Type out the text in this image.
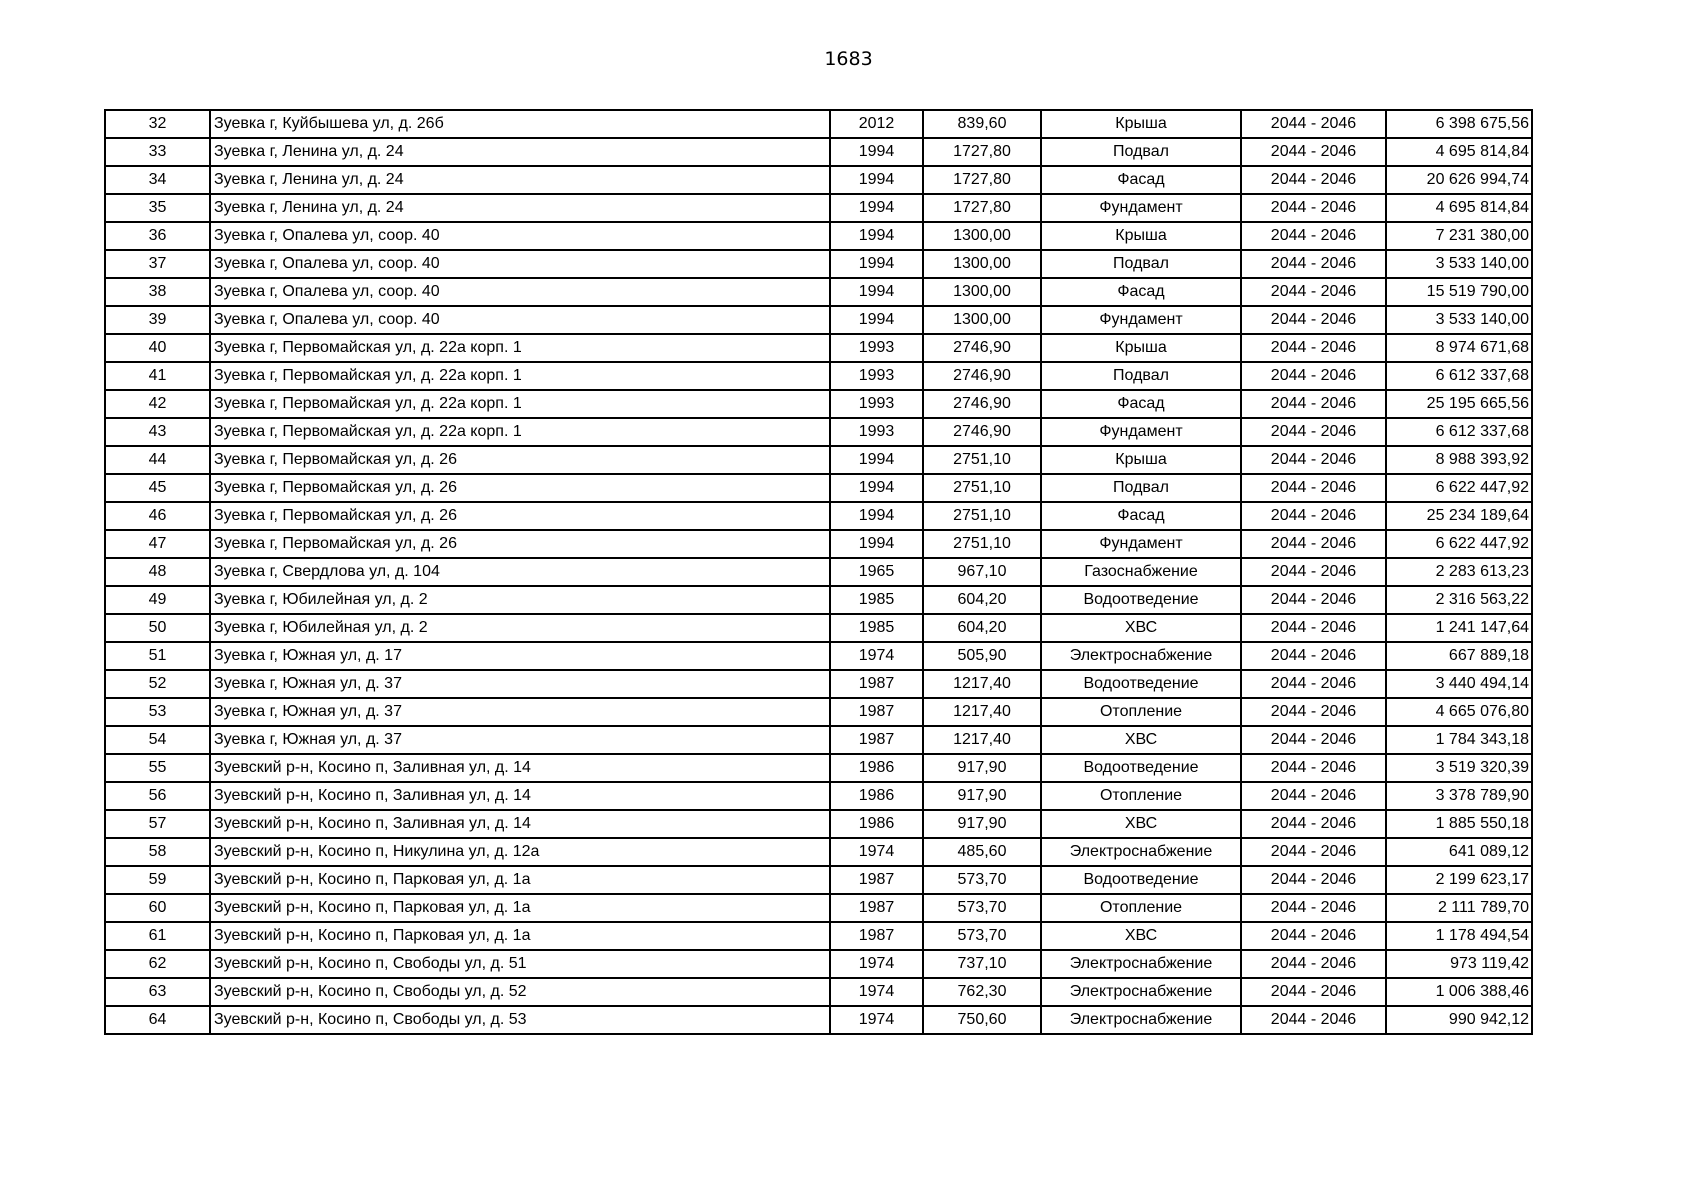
1683
32	Зуевка г, Куйбышева ул, д. 26б	2012	839,60	Крыша	2044 - 2046	6 398 675,56
33	Зуевка г, Ленина ул, д. 24	1994	1727,80	Подвал	2044 - 2046	4 695 814,84
34	Зуевка г, Ленина ул, д. 24	1994	1727,80	Фасад	2044 - 2046	20 626 994,74
35	Зуевка г, Ленина ул, д. 24	1994	1727,80	Фундамент	2044 - 2046	4 695 814,84
36	Зуевка г, Опалева ул, соор. 40	1994	1300,00	Крыша	2044 - 2046	7 231 380,00
37	Зуевка г, Опалева ул, соор. 40	1994	1300,00	Подвал	2044 - 2046	3 533 140,00
38	Зуевка г, Опалева ул, соор. 40	1994	1300,00	Фасад	2044 - 2046	15 519 790,00
39	Зуевка г, Опалева ул, соор. 40	1994	1300,00	Фундамент	2044 - 2046	3 533 140,00
40	Зуевка г, Первомайская ул, д. 22а корп. 1	1993	2746,90	Крыша	2044 - 2046	8 974 671,68
41	Зуевка г, Первомайская ул, д. 22а корп. 1	1993	2746,90	Подвал	2044 - 2046	6 612 337,68
42	Зуевка г, Первомайская ул, д. 22а корп. 1	1993	2746,90	Фасад	2044 - 2046	25 195 665,56
43	Зуевка г, Первомайская ул, д. 22а корп. 1	1993	2746,90	Фундамент	2044 - 2046	6 612 337,68
44	Зуевка г, Первомайская ул, д. 26	1994	2751,10	Крыша	2044 - 2046	8 988 393,92
45	Зуевка г, Первомайская ул, д. 26	1994	2751,10	Подвал	2044 - 2046	6 622 447,92
46	Зуевка г, Первомайская ул, д. 26	1994	2751,10	Фасад	2044 - 2046	25 234 189,64
47	Зуевка г, Первомайская ул, д. 26	1994	2751,10	Фундамент	2044 - 2046	6 622 447,92
48	Зуевка г, Свердлова ул, д. 104	1965	967,10	Газоснабжение	2044 - 2046	2 283 613,23
49	Зуевка г, Юбилейная ул, д. 2	1985	604,20	Водоотведение	2044 - 2046	2 316 563,22
50	Зуевка г, Юбилейная ул, д. 2	1985	604,20	ХВС	2044 - 2046	1 241 147,64
51	Зуевка г, Южная ул, д. 17	1974	505,90	Электроснабжение	2044 - 2046	667 889,18
52	Зуевка г, Южная ул, д. 37	1987	1217,40	Водоотведение	2044 - 2046	3 440 494,14
53	Зуевка г, Южная ул, д. 37	1987	1217,40	Отопление	2044 - 2046	4 665 076,80
54	Зуевка г, Южная ул, д. 37	1987	1217,40	ХВС	2044 - 2046	1 784 343,18
55	Зуевский р-н, Косино п, Заливная ул, д. 14	1986	917,90	Водоотведение	2044 - 2046	3 519 320,39
56	Зуевский р-н, Косино п, Заливная ул, д. 14	1986	917,90	Отопление	2044 - 2046	3 378 789,90
57	Зуевский р-н, Косино п, Заливная ул, д. 14	1986	917,90	ХВС	2044 - 2046	1 885 550,18
58	Зуевский р-н, Косино п, Никулина ул, д. 12а	1974	485,60	Электроснабжение	2044 - 2046	641 089,12
59	Зуевский р-н, Косино п, Парковая ул, д. 1а	1987	573,70	Водоотведение	2044 - 2046	2 199 623,17
60	Зуевский р-н, Косино п, Парковая ул, д. 1а	1987	573,70	Отопление	2044 - 2046	2 111 789,70
61	Зуевский р-н, Косино п, Парковая ул, д. 1а	1987	573,70	ХВС	2044 - 2046	1 178 494,54
62	Зуевский р-н, Косино п, Свободы ул, д. 51	1974	737,10	Электроснабжение	2044 - 2046	973 119,42
63	Зуевский р-н, Косино п, Свободы ул, д. 52	1974	762,30	Электроснабжение	2044 - 2046	1 006 388,46
64	Зуевский р-н, Косино п, Свободы ул, д. 53	1974	750,60	Электроснабжение	2044 - 2046	990 942,12
